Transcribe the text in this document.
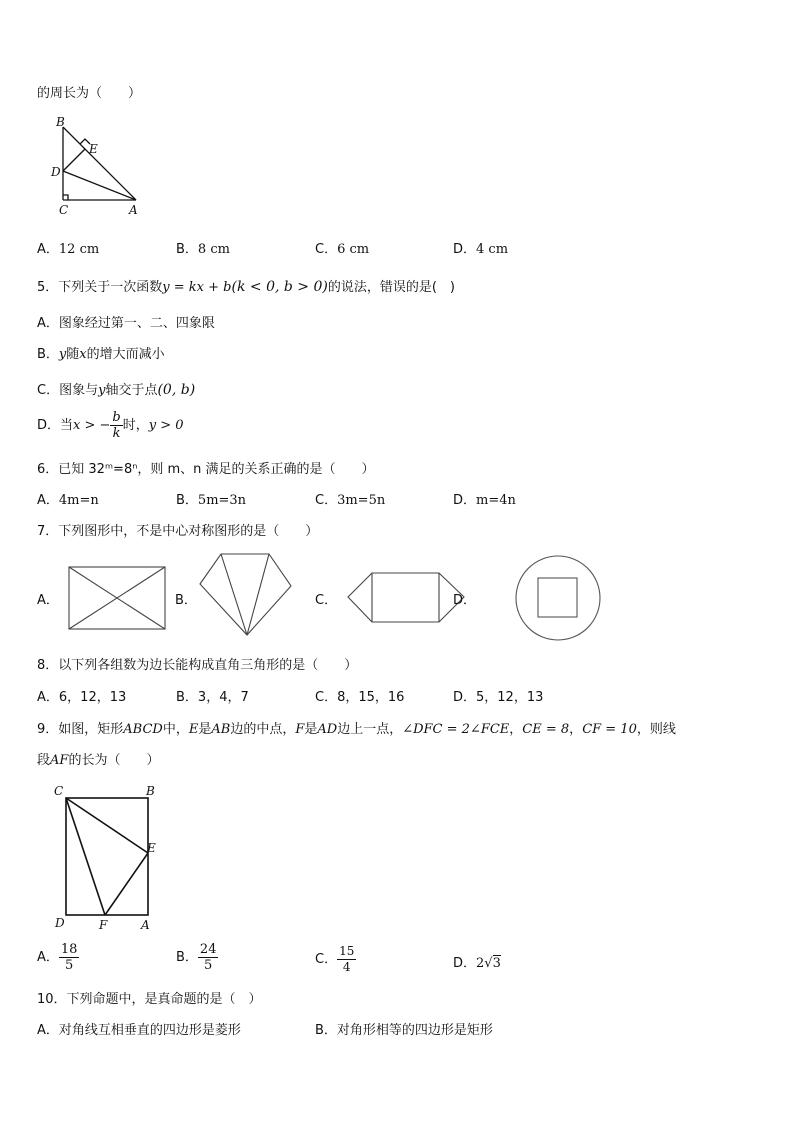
的周长为（　　）
B
E
D
C	A
A．12 cm	B．8 cm	C．6 cm	D．4 cm
5．下列关于一次函数y = kx + b(k < 0, b > 0)的说法，错误的是(　)
A．图象经过第一、二、四象限
B．y随x的增大而减小
C．图象与y轴交于点(0, b)
D．当x > − $\frac{b}{k}$ 时，y > 0
6．已知 32ᵐ=8ⁿ，则 m、n 满足的关系正确的是（　　）
A．4m=n	B．5m=3n	C．3m=5n	D．m=4n
7．下列图形中，不是中心对称图形的是（　　）
A．	B．	C．	D．
8．以下列各组数为边长能构成直角三角形的是（　　）
A．6，12，13	B．3，4，7	C．8，15，16	D．5，12，13
9．如图，矩形ABCD中，E是AB边的中点，F是AD边上一点，∠DFC = 2∠FCE，CE = 8，CF = 10，则线
段AF的长为（　　）
C	B
E
D	F	A
A． $\frac{18}{5}$	B． $\frac{24}{5}$	C． $\frac{15}{4}$	D．2√3
10．下列命题中，是真命题的是（　）
A．对角线互相垂直的四边形是菱形	B．对角形相等的四边形是矩形
